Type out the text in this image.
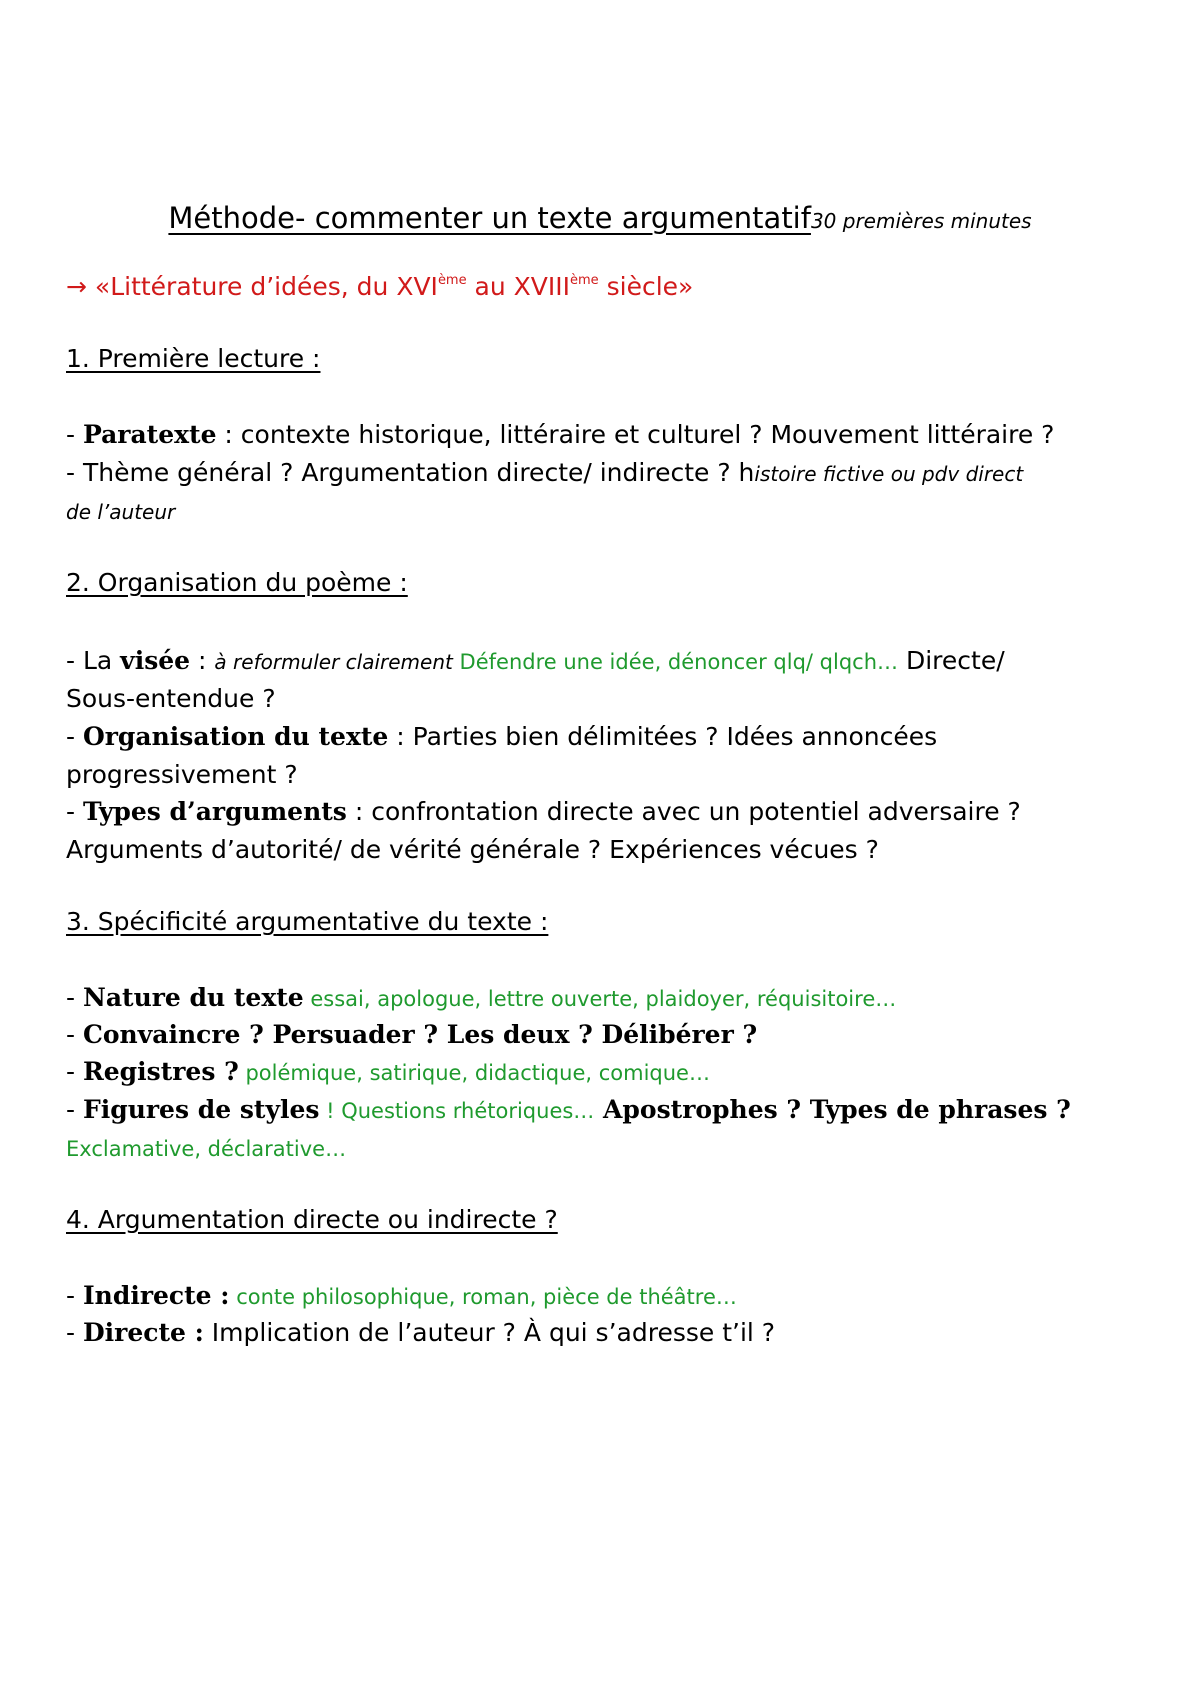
Méthode- commenter un texte argumentatif30 premières minutes
→ «Littérature d’idées, du XVIème au XVIIIème siècle»
1. Première lecture :
- Paratexte : contexte historique, littéraire et culturel ? Mouvement littéraire ?
- Thème général ? Argumentation directe/ indirecte ? histoire fictive ou pdv direct
de l’auteur
2. Organisation du poème :
- La visée : à reformuler clairement Défendre une idée, dénoncer qlq/ qlqch… Directe/
Sous-entendue ?
- Organisation du texte : Parties bien délimitées ? Idées annoncées
progressivement ?
- Types d’arguments : confrontation directe avec un potentiel adversaire ?
Arguments d’autorité/ de vérité générale ? Expériences vécues ?
3. Spécificité argumentative du texte :
- Nature du texte essai, apologue, lettre ouverte, plaidoyer, réquisitoire…
- Convaincre ? Persuader ? Les deux ? Délibérer ?
- Registres ? polémique, satirique, didactique, comique…
- Figures de styles ! Questions rhétoriques… Apostrophes ? Types de phrases ?
Exclamative, déclarative…
4. Argumentation directe ou indirecte ?
- Indirecte : conte philosophique, roman, pièce de théâtre…
- Directe : Implication de l’auteur ? À qui s’adresse t’il ?
